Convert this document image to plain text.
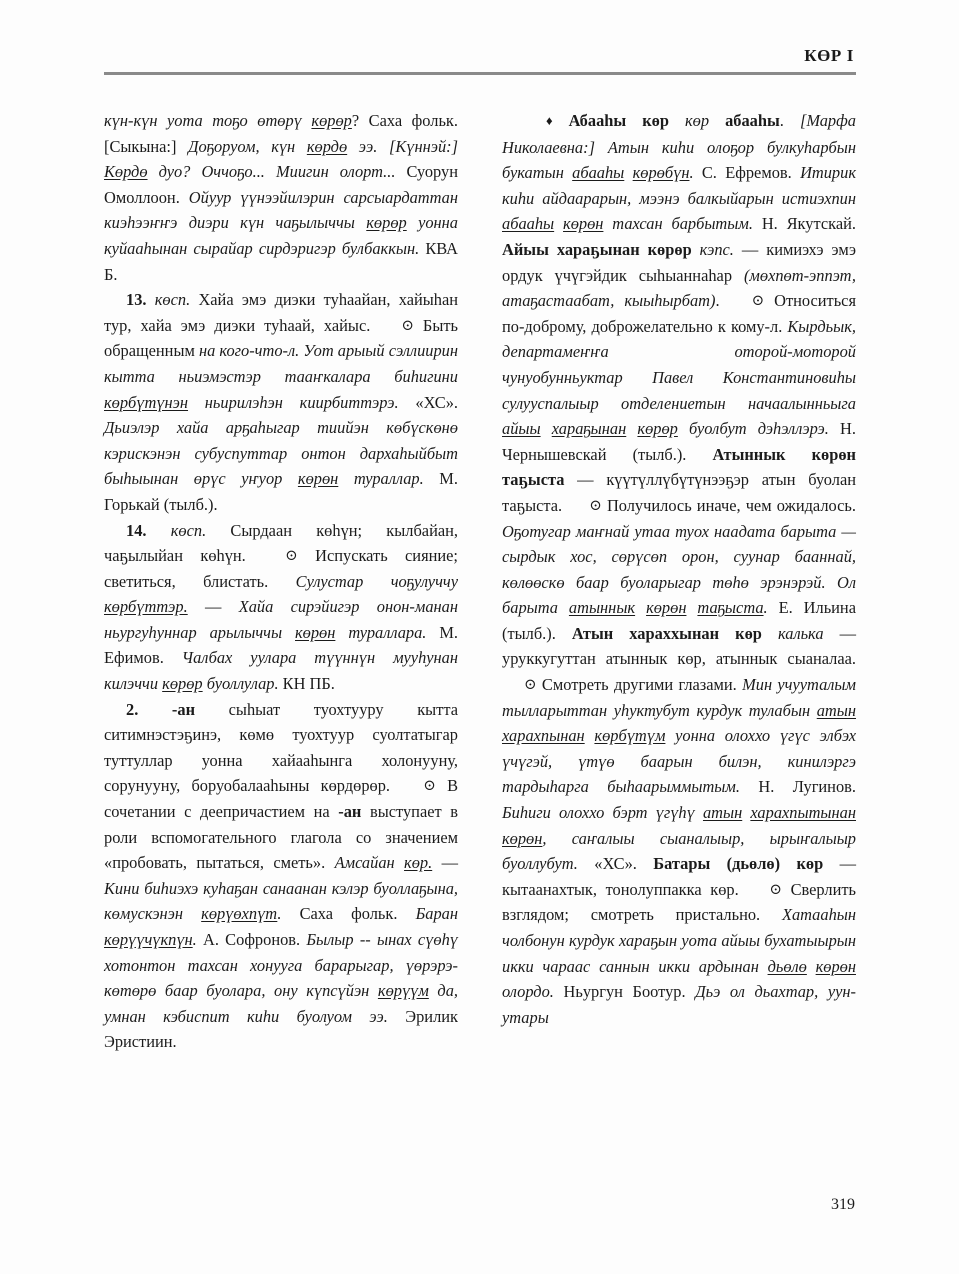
КӨР I

күн-күн уота тоҕо өтөрү көрөр? Саха фольк. [Сыкына:] Доҕоруом, күн көрдө ээ. [Күннэй:] Көрдө дуо? Оччоҕо... Миигин олорт... Суорун Омоллоон. Ойуур үүнээйилэрин сарсыардаттан киэһээҥҥэ диэри күн чаҕылыччы көрөр уонна куйааһынан сырайар сирдэригэр булбаккын. КВА Б.

13. көсп. Хайа эмэ диэки туһаайан, хайыһан тур, хайа эмэ диэки туһаай, хайыс. ⊙ Быть обращенным на кого-что-л. Уот арыый сэллиирин кытта ньиэмэстэр тааҥкалара биһигини көрбүтүнэн ньирилэһэн киирбиттэрэ. «ХС». Дьиэлэр хайа арҕаһыгар тиийэн көбүскөнө кэрискэнэн субуспуттар онтон дархаһыйбыт быһыынан өрүс уҥуор көрөн тураллар. М. Горькай (тылб.).

14. көсп. Сырдаан көһүн; кылбайан, чаҕылыйан көһүн.	⊙ Испускать сияние; светиться, блистать. Сулустар чоҕулуччу көрбүттэр. — Хайа сирэйигэр онон-манан ньургуһуннар арылыччы көрөн тураллара. М. Ефимов. Чалбах уулара түүннүн мууһунан килэччи көрөр буоллулар. КН ПБ.

2. -ан сыһыат туохтууру кытта ситимнэстэҕинэ, көмө туохтуур суолтатыгар туттуллар уонна хайааһынга холонууну, сорунууну, боруобалааһыны көрдөрөр. ⊙ В сочетании с деепричастием на -ан выступает в роли вспомогательного глагола со значением «пробовать, пытаться, сметь». Амсайан көр. — Кини биһиэхэ куһаҕан санаанан кэлэр буоллаҕына, көмускэнэн көрүөхпүт. Саха фольк. Баран көрүүчүкпүн. А. Софронов. Былыр -- ынах сүөһү хотонтон тахсан хонууга барарыгар, үөрэрэ-көтөрө баар буолара, ону күпсүйэн көрүүм да, умнан кэбиспит киһи буолуом ээ. Эрилик Эристиин.

♦ Абааһы көр көр абааһы. [Марфа Николаевна:] Атын киһи олоҕор булкуһарбын букатын абааһы көрөбүн. С. Ефремов. Итирик киһи айдаарарын, мээнэ балкыйарын истиэхпин абааһы көрөн тахсан барбытым. Н. Якутскай. Айыы хараҕынан көрөр кэпс. — кимиэхэ эмэ ордук үчүгэйдик сыһыаннаһар (мөхпөт-эппэт, атаҕастаабат, кыыһырбат). ⊙ Относиться по-доброму, доброжелательно к кому-л. Кырдьык, департамеҥҥа оторой-моторой чунуобунньуктар Павел Константиновиһы сулууспалыыр отделениетын начаалынньыга айыы хараҕынан көрөр буолбут дэһэллэрэ. Н. Чернышевскай (тылб.). Атыннык көрөн таҕыста — күүтүллүбүтүнээҕэр атын буолан таҕыста. ⊙ Получилось иначе, чем ожидалось. Оҕотугар маҥнай утаа туох наадата барыта — сырдык хос, сөрүсөп орон, суунар бааннай, көлөөскө баар буоларыгар төһө эрэнэрэй. Ол барыта атыннык көрөн таҕыста. Е. Ильина (тылб.). Атын хараххынан көр калька — уруккугуттан атыннык көр, атыннык сыаналаа. ⊙ Смотреть другими глазами. Мин учууталым тылларыттан уһуктубут курдук тулабын атын харахпынан көрбүтүм уонна олоххо үгүс элбэх үчүгэй, үтүө баарын билэн, кинилэргэ тардыһарга быһаарыммытым. Н. Лугинов. Биһиги олоххо бэрт үгүһү атын харахпытынан көрөн, саҥалыы сыаналыыр, ырыҥалыыр буоллубут. «ХС». Батары (дьөлө) көр — кытаанахтык, тонолуппакка көр. ⊙ Сверлить взглядом; смотреть пристально. Хатааһын чолбонун курдук хараҕын уота айыы бухатыырын икки чараас саннын икки ардынан дьөлө көрөн олордо. Ньургун Боотур. Дьэ ол дьахтар, уун-утары

319
